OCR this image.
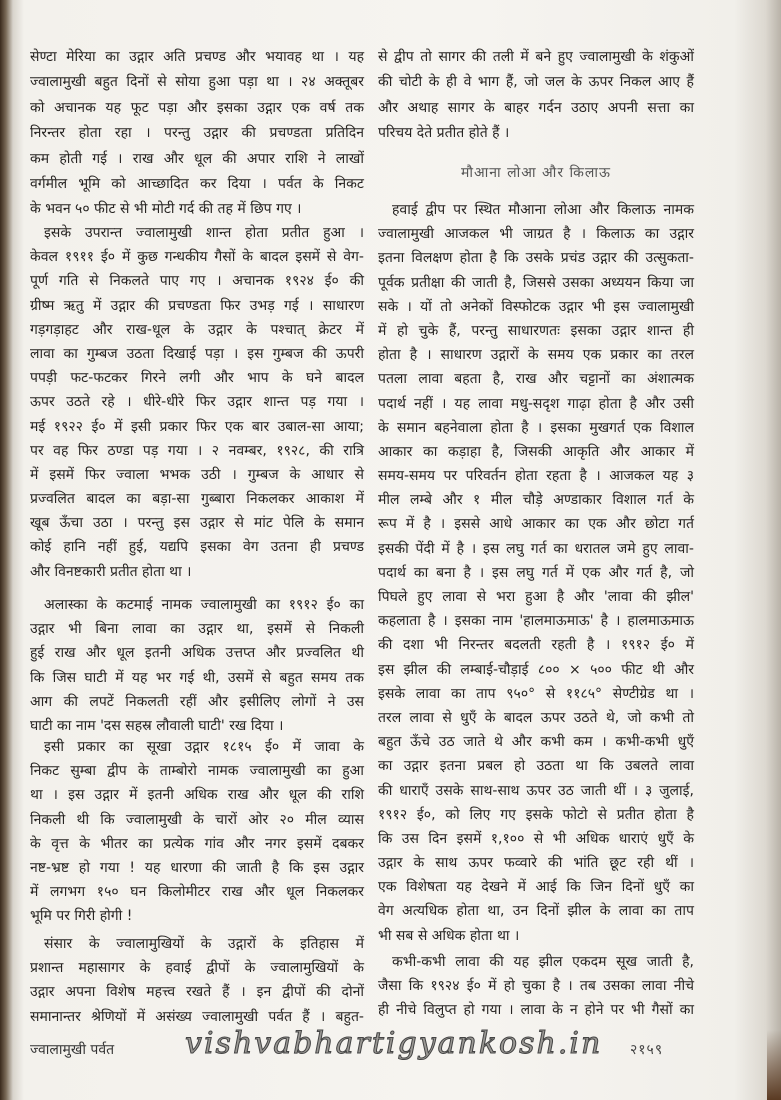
सेण्टा मेरिया का उद्गार अति प्रचण्ड और भयावह था । यह
ज्वालामुखी बहुत दिनों से सोया हुआ पड़ा था । २४ अक्तूबर
को अचानक यह फूट पड़ा और इसका उद्गार एक वर्ष तक
निरन्तर होता रहा । परन्तु उद्गार की प्रचण्डता प्रतिदिन
कम होती गई । राख और धूल की अपार राशि ने लाखों
वर्गमील भूमि को आच्छादित कर दिया । पर्वत के निकट
के भवन ५० फीट से भी मोटी गर्द की तह में छिप गए ।
इसके उपरान्त ज्वालामुखी शान्त होता प्रतीत हुआ ।
केवल १९११ ई० में कुछ गन्धकीय गैसों के बादल इसमें से वेग-
पूर्ण गति से निकलते पाए गए । अचानक १९२४ ई० की
ग्रीष्म ऋतु में उद्गार की प्रचण्डता फिर उभड़ गई । साधारण
गड़गड़ाहट और राख-धूल के उद्गार के पश्चात् क्रेटर में
लावा का गुम्बज उठता दिखाई पड़ा । इस गुम्बज की ऊपरी
पपड़ी फट-फटकर गिरने लगी और भाप के घने बादल
ऊपर उठते रहे । धीरे-धीरे फिर उद्गार शान्त पड़ गया ।
मई १९२२ ई० में इसी प्रकार फिर एक बार उबाल-सा आया;
पर वह फिर ठण्डा पड़ गया । २ नवम्बर, १९२८, की रात्रि
में इसमें फिर ज्वाला भभक उठी । गुम्बज के आधार से
प्रज्वलित बादल का बड़ा-सा गुब्बारा निकलकर आकाश में
खूब ऊँचा उठा । परन्तु इस उद्गार से मांट पेलि के समान
कोई हानि नहीं हुई, यद्यपि इसका वेग उतना ही प्रचण्ड
और विनष्टकारी प्रतीत होता था ।
अलास्का के कटमाई नामक ज्वालामुखी का १९१२ ई० का
उद्गार भी बिना लावा का उद्गार था, इसमें से निकली
हुई राख और धूल इतनी अधिक उत्तप्त और प्रज्वलित थी
कि जिस घाटी में यह भर गई थी, उसमें से बहुत समय तक
आग की लपटें निकलती रहीं और इसीलिए लोगों ने उस
घाटी का नाम 'दस सहस्र लौवाली घाटी' रख दिया ।
इसी प्रकार का सूखा उद्गार १८१५ ई० में जावा के
निकट सुम्बा द्वीप के ताम्बोरो नामक ज्वालामुखी का हुआ
था । इस उद्गार में इतनी अधिक राख और धूल की राशि
निकली थी कि ज्वालामुखी के चारों ओर २० मील व्यास
के वृत्त के भीतर का प्रत्येक गांव और नगर इसमें दबकर
नष्ट-भ्रष्ट हो गया ! यह धारणा की जाती है कि इस उद्गार
में लगभग १५० घन किलोमीटर राख और धूल निकलकर
भूमि पर गिरी होगी !
संसार के ज्वालामुखियों के उद्गारों के इतिहास में
प्रशान्त महासागर के हवाई द्वीपों के ज्वालामुखियों के
उद्गार अपना विशेष महत्त्व रखते हैं । इन द्वीपों की दोनों
समानान्तर श्रेणियों में असंख्य ज्वालामुखी पर्वत हैं । बहुत-
मौआना लोआ और किलाऊ
से द्वीप तो सागर की तली में बने हुए ज्वालामुखी के शंकुओं
की चोटी के ही वे भाग हैं, जो जल के ऊपर निकल आए हैं
और अथाह सागर के बाहर गर्दन उठाए अपनी सत्ता का
परिचय देते प्रतीत होते हैं ।
हवाई द्वीप पर स्थित मौआना लोआ और किलाऊ नामक
ज्वालामुखी आजकल भी जाग्रत है । किलाऊ का उद्गार
इतना विलक्षण होता है कि उसके प्रचंड उद्गार की उत्सुकता-
पूर्वक प्रतीक्षा की जाती है, जिससे उसका अध्ययन किया जा
सके । यों तो अनेकों विस्फोटक उद्गार भी इस ज्वालामुखी
में हो चुके हैं, परन्तु साधारणतः इसका उद्गार शान्त ही
होता है । साधारण उद्गारों के समय एक प्रकार का तरल
पतला लावा बहता है, राख और चट्टानों का अंशात्मक
पदार्थ नहीं । यह लावा मधु-सदृश गाढ़ा होता है और उसी
के समान बहनेवाला होता है । इसका मुखगर्त एक विशाल
आकार का कड़ाहा है, जिसकी आकृति और आकार में
समय-समय पर परिवर्तन होता रहता है । आजकल यह ३
मील लम्बे और १ मील चौड़े अण्डाकार विशाल गर्त के
रूप में है । इससे आधे आकार का एक और छोटा गर्त
इसकी पेंदी में है । इस लघु गर्त का धरातल जमे हुए लावा-
पदार्थ का बना है । इस लघु गर्त में एक और गर्त है, जो
पिघले हुए लावा से भरा हुआ है और 'लावा की झील'
कहलाता है । इसका नाम 'हालमाऊमाऊ' है । हालमाऊमाऊ
की दशा भी निरन्तर बदलती रहती है । १९१२ ई० में
इस झील की लम्बाई-चौड़ाई ८०० × ५०० फीट थी और
इसके लावा का ताप ९५०° से ११८५° सेण्टीग्रेड था ।
तरल लावा से धुएँ के बादल ऊपर उठते थे, जो कभी तो
बहुत ऊँचे उठ जाते थे और कभी कम । कभी-कभी धुएँ
का उद्गार इतना प्रबल हो उठता था कि उबलते लावा
की धाराएँ उसके साथ-साथ ऊपर उठ जाती थीं । ३ जुलाई,
१९१२ ई०, को लिए गए इसके फोटो से प्रतीत होता है
कि उस दिन इसमें १,१०० से भी अधिक धाराएं धुएँ के
उद्गार के साथ ऊपर फव्वारे की भांति छूट रही थीं ।
एक विशेषता यह देखने में आई कि जिन दिनों धुएँ का
वेग अत्यधिक होता था, उन दिनों झील के लावा का ताप
भी सब से अधिक होता था ।
कभी-कभी लावा की यह झील एकदम सूख जाती है,
जैसा कि १९२४ ई० में हो चुका है । तब उसका लावा नीचे
ही नीचे विलुप्त हो गया । लावा के न होने पर भी गैसों का
ज्वालामुखी पर्वत vishvabhartigyankosh.in २१५९
